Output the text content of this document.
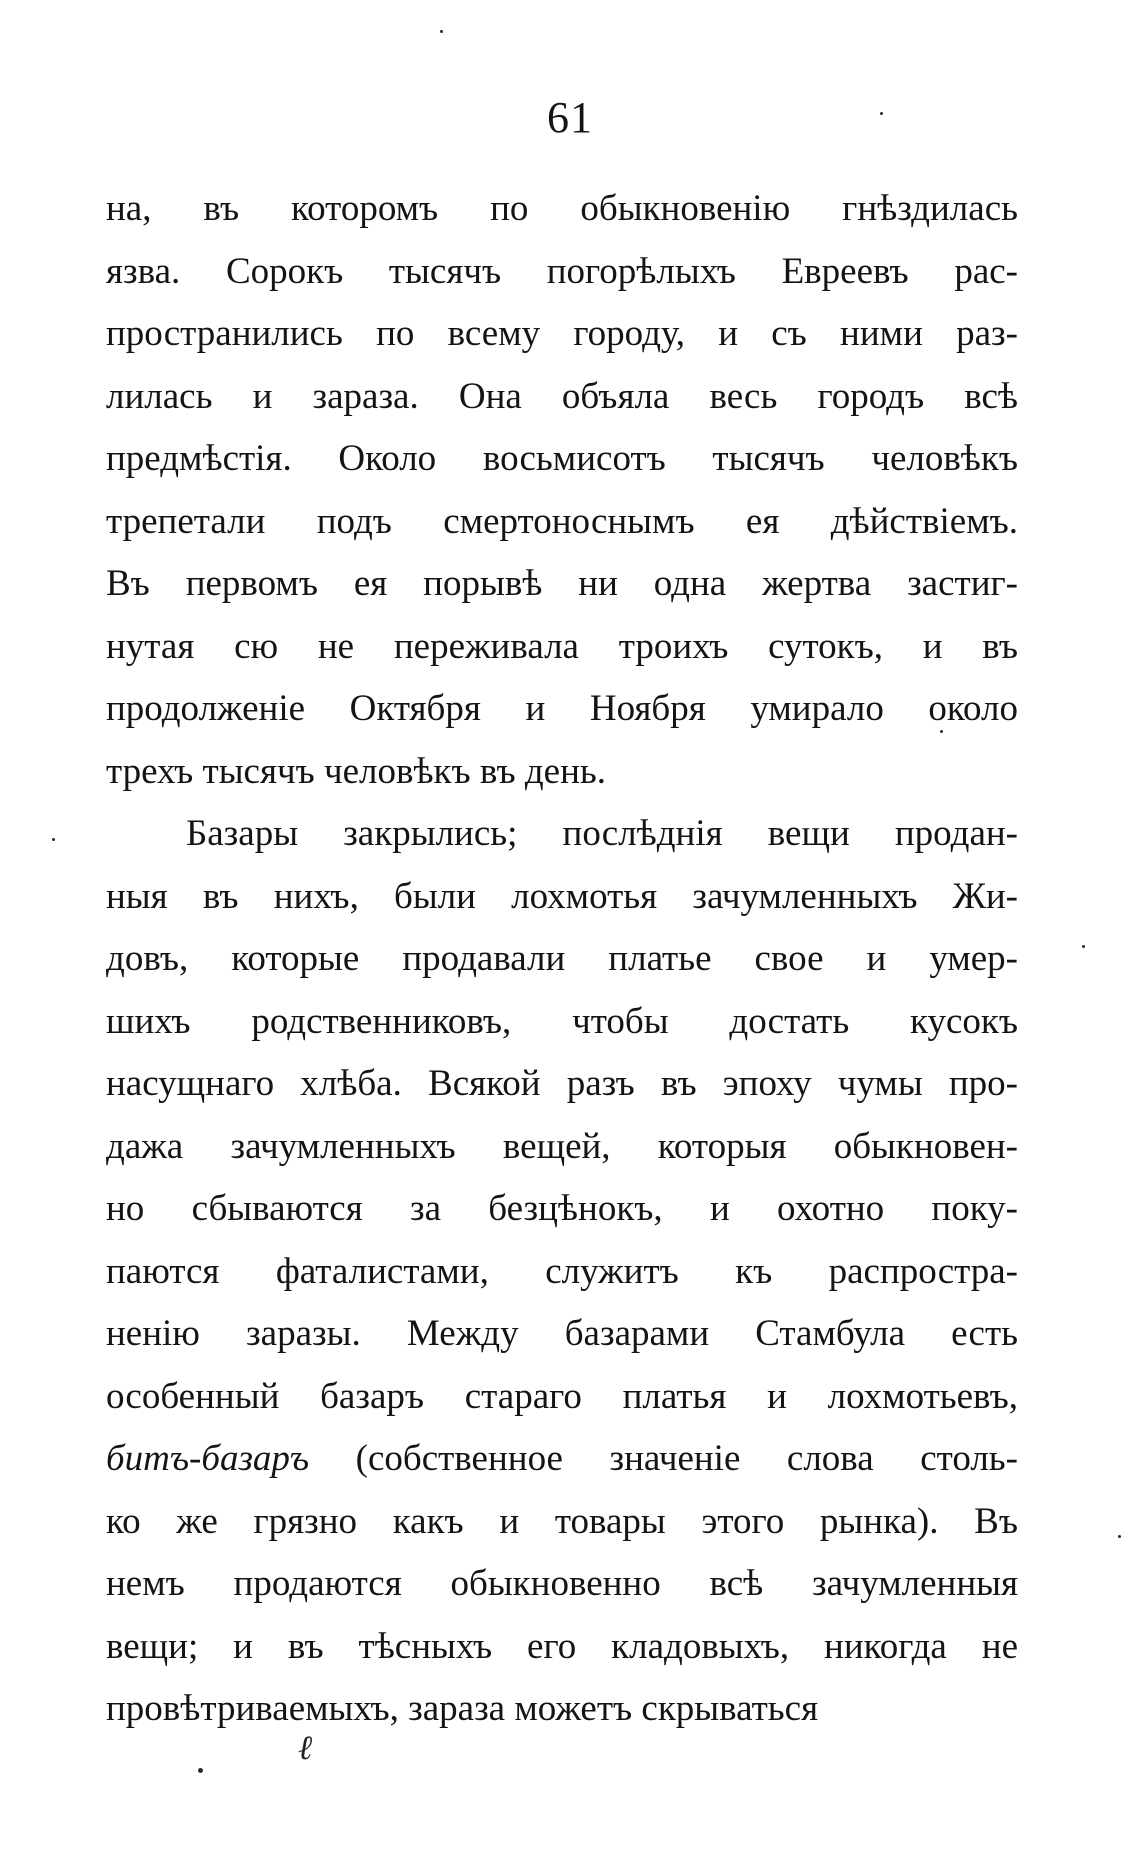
61
на, въ которомъ по обыкновенію гнѣздилась
язва. Сорокъ тысячъ погорѣлыхъ Евреевъ рас-
пространились по всему городу, и съ ними раз-
лилась и зараза. Она объяла весь городъ всѣ
предмѣстія. Около восьмисотъ тысячъ человѣкъ
трепетали подъ смертоноснымъ ея дѣйствіемъ.
Въ первомъ ея порывѣ ни одна жертва застиг-
нутая сю не переживала троихъ сутокъ, и въ
продолженіе Октября и Ноября умирало около
трехъ тысячъ человѣкъ въ день.
Базары закрылись; послѣднія вещи продан-
ныя въ нихъ, были лохмотья зачумленныхъ Жи-
довъ, которые продавали платье свое и умер-
шихъ родственниковъ, чтобы достать кусокъ
насущнаго хлѣба. Всякой разъ въ эпоху чумы про-
дажа зачумленныхъ вещей, которыя обыкновен-
но сбываются за безцѣнокъ, и охотно поку-
паются фаталистами, служитъ къ распростра-
ненію заразы. Между базарами Стамбула есть
особенный базаръ стараго платья и лохмотьевъ,
битъ-базаръ (собственное значеніе слова столь-
ко же грязно какъ и товары этого рынка). Въ
немъ продаются обыкновенно всѣ зачумленныя
вещи; и въ тѣсныхъ его кладовыхъ, никогда не
провѣтриваемыхъ, зараза можетъ скрываться
ℓ
